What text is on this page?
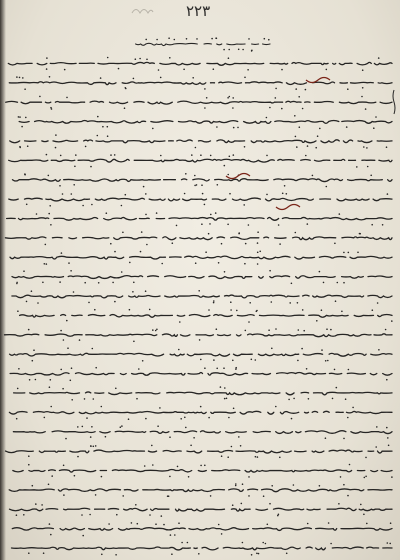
٢٢٣
